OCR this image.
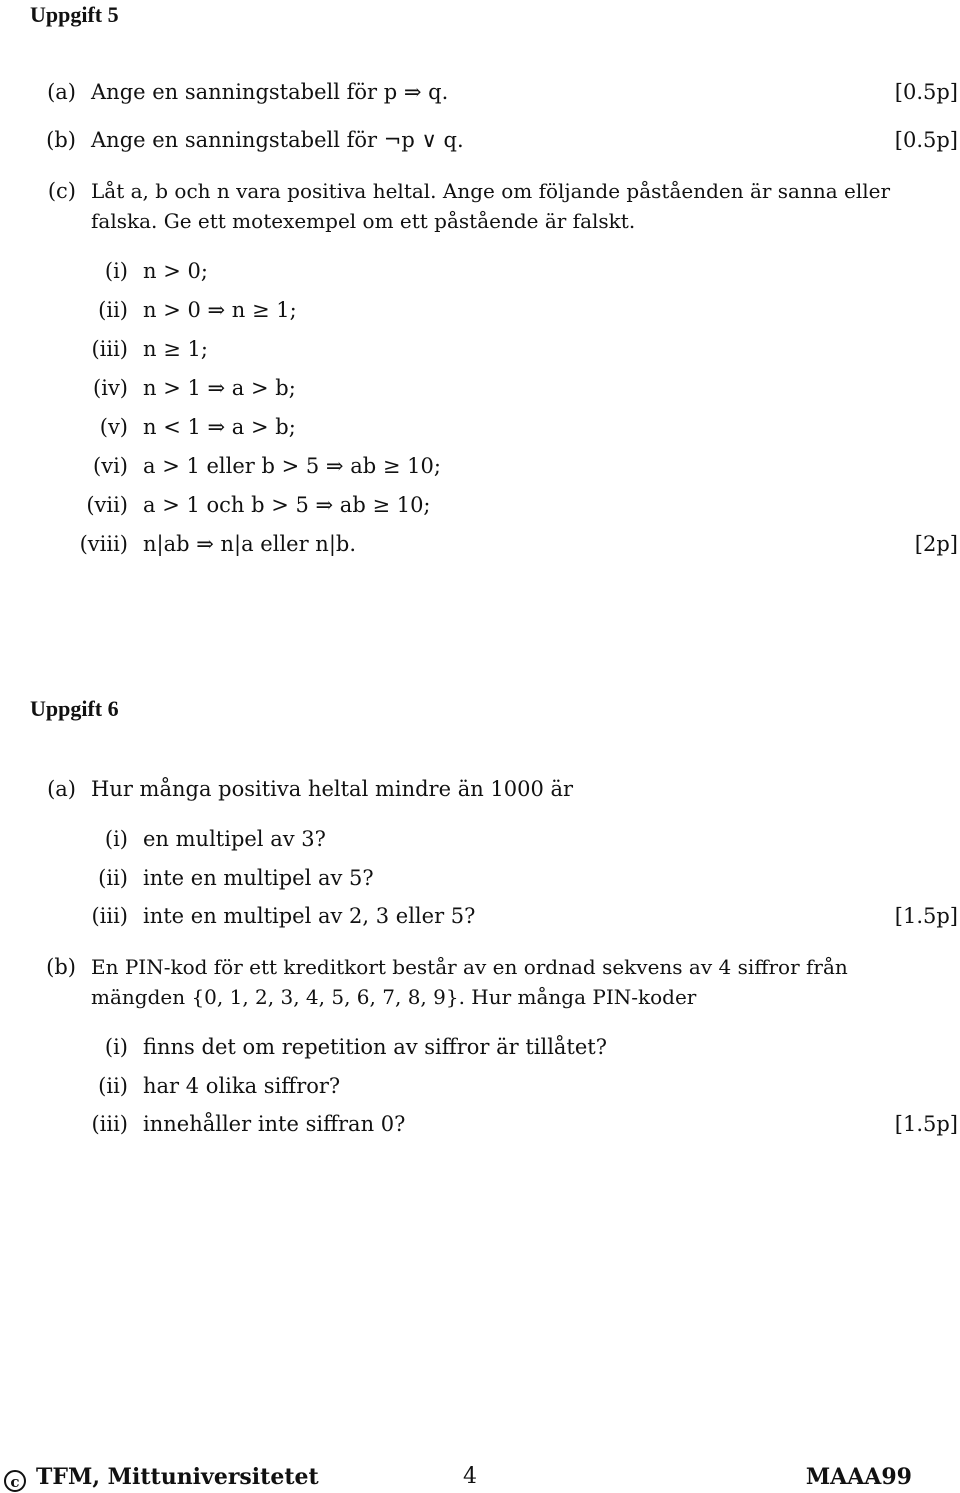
Uppgift 5
(a) Ange en sanningstabell för p ⇒ q.	[0.5p]
(b) Ange en sanningstabell för ¬p ∨ q.	[0.5p]
(c) Låt a, b och n vara positiva heltal. Ange om följande påståenden är sanna eller
falska. Ge ett motexempel om ett påstående är falskt.
(i) n > 0;
(ii) n > 0 ⇒ n ≥ 1;
(iii) n ≥ 1;
(iv) n > 1 ⇒ a > b;
(v) n < 1 ⇒ a > b;
(vi) a > 1 eller b > 5 ⇒ ab ≥ 10;
(vii) a > 1 och b > 5 ⇒ ab ≥ 10;
(viii) n|ab ⇒ n|a eller n|b.	[2p]
Uppgift 6
(a) Hur många positiva heltal mindre än 1000 är
(i) en multipel av 3?
(ii) inte en multipel av 5?
(iii) inte en multipel av 2, 3 eller 5?	[1.5p]
(b) En PIN-kod för ett kreditkort består av en ordnad sekvens av 4 siffror från
mängden {0, 1, 2, 3, 4, 5, 6, 7, 8, 9}. Hur många PIN-koder
(i) finns det om repetition av siffror är tillåtet?
(ii) har 4 olika siffror?
(iii) innehåller inte siffran 0?	[1.5p]
c TFM, Mittuniversitetet	4	MAAA99
